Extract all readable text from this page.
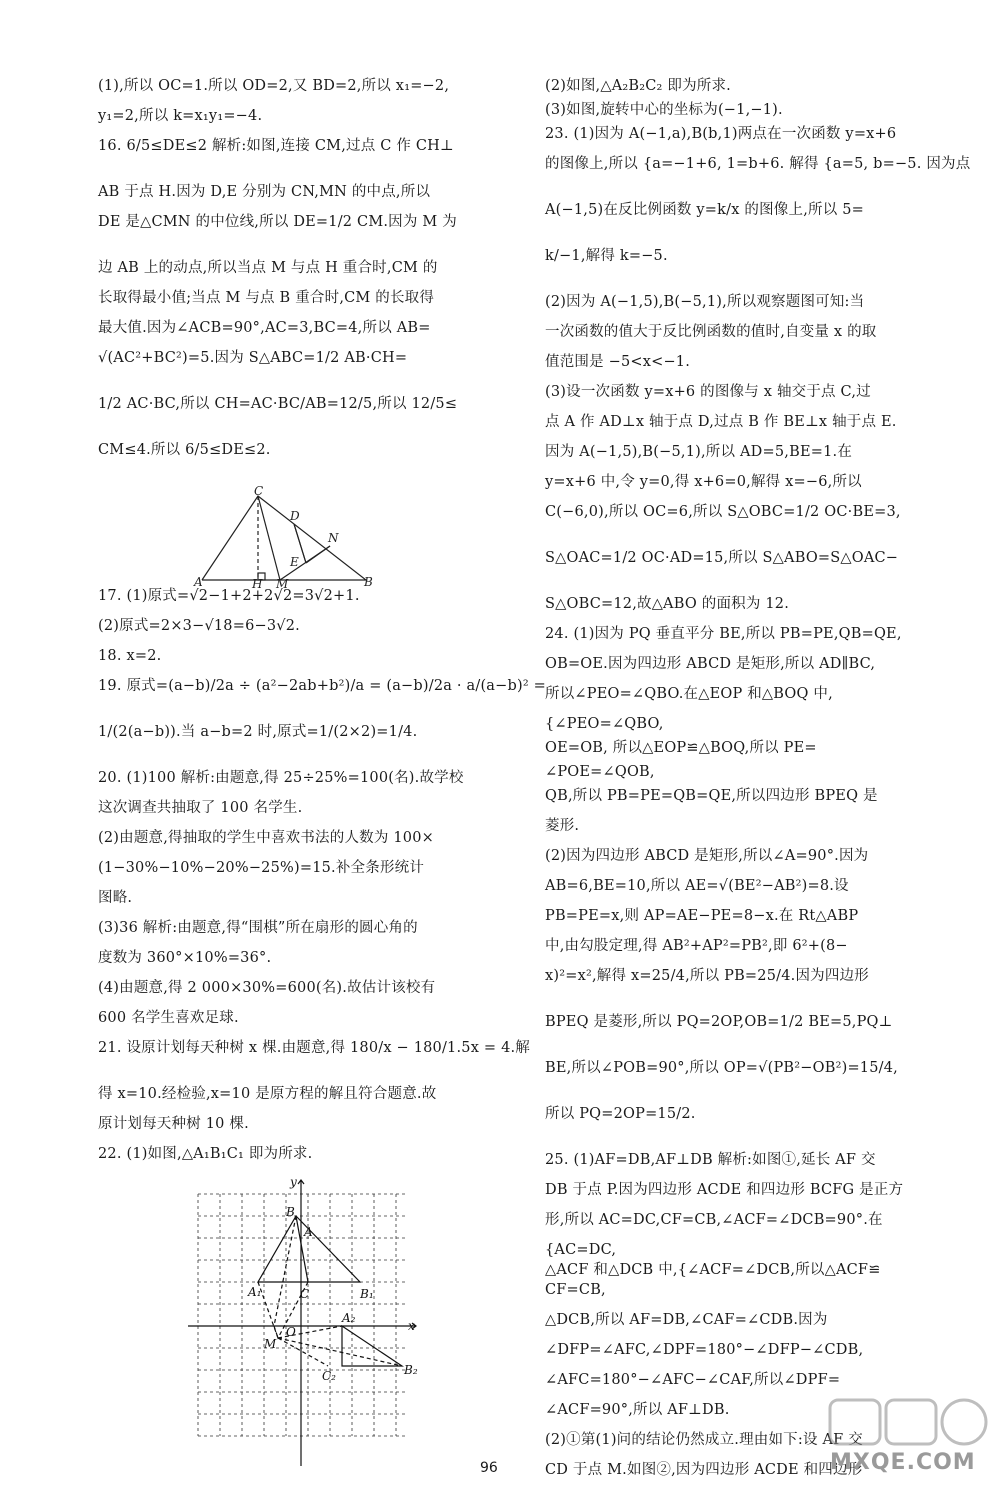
(1),所以 OC=1.所以 OD=2,又 BD=2,所以 x₁=−2,
y₁=2,所以 k=x₁y₁=−4.
16. 6/5≤DE≤2 解析:如图,连接 CM,过点 C 作 CH⊥
AB 于点 H.因为 D,E 分别为 CN,MN 的中点,所以
DE 是△CMN 的中位线,所以 DE=1/2 CM.因为 M 为
边 AB 上的动点,所以当点 M 与点 H 重合时,CM 的
长取得最小值;当点 M 与点 B 重合时,CM 的长取得
最大值.因为∠ACB=90°,AC=3,BC=4,所以 AB=
√(AC²+BC²)=5.因为 S△ABC=1/2 AB·CH=
1/2 AC·BC,所以 CH=AC·BC/AB=12/5,所以 12/5≤
CM≤4.所以 6/5≤DE≤2.
C
D
N
E
A	H M	B
17. (1)原式=√2−1+2+2√2=3√2+1.
(2)原式=2×3−√18=6−3√2.
18. x=2.
19. 原式=(a−b)/2a ÷ (a²−2ab+b²)/a = (a−b)/2a · a/(a−b)² =
1/(2(a−b)).当 a−b=2 时,原式=1/(2×2)=1/4.
20. (1)100 解析:由题意,得 25÷25%=100(名).故学校
这次调查共抽取了 100 名学生.
(2)由题意,得抽取的学生中喜欢书法的人数为 100×
(1−30%−10%−20%−25%)=15.补全条形统计
图略.
(3)36 解析:由题意,得“围棋”所在扇形的圆心角的
度数为 360°×10%=36°.
(4)由题意,得 2 000×30%=600(名).故估计该校有
600 名学生喜欢足球.
21. 设原计划每天种树 x 棵.由题意,得 180/x − 180/1.5x = 4.解
得 x=10.经检验,x=10 是原方程的解且符合题意.故
原计划每天种树 10 棵.
22. (1)如图,△A₁B₁C₁ 即为所求.
y
B
A
A₁	C	B₁
A₂
x
O
M
C₂	B₂
(2)如图,△A₂B₂C₂ 即为所求.
(3)如图,旋转中心的坐标为(−1,−1).
23. (1)因为 A(−1,a),B(b,1)两点在一次函数 y=x+6
的图像上,所以 {a=−1+6, 1=b+6. 解得 {a=5, b=−5. 因为点
A(−1,5)在反比例函数 y=k/x 的图像上,所以 5=
k/−1,解得 k=−5.
(2)因为 A(−1,5),B(−5,1),所以观察题图可知:当
一次函数的值大于反比例函数的值时,自变量 x 的取
值范围是 −5<x<−1.
(3)设一次函数 y=x+6 的图像与 x 轴交于点 C,过
点 A 作 AD⊥x 轴于点 D,过点 B 作 BE⊥x 轴于点 E.
因为 A(−1,5),B(−5,1),所以 AD=5,BE=1.在
y=x+6 中,令 y=0,得 x+6=0,解得 x=−6,所以
C(−6,0),所以 OC=6,所以 S△OBC=1/2 OC·BE=3,
S△OAC=1/2 OC·AD=15,所以 S△ABO=S△OAC−
S△OBC=12,故△ABO 的面积为 12.
24. (1)因为 PQ 垂直平分 BE,所以 PB=PE,QB=QE,
OB=OE.因为四边形 ABCD 是矩形,所以 AD∥BC,
所以∠PEO=∠QBO.在△EOP 和△BOQ 中,
{∠PEO=∠QBO,
OE=OB, 所以△EOP≌△BOQ,所以 PE=
∠POE=∠QOB,
QB,所以 PB=PE=QB=QE,所以四边形 BPEQ 是
菱形.
(2)因为四边形 ABCD 是矩形,所以∠A=90°.因为
AB=6,BE=10,所以 AE=√(BE²−AB²)=8.设
PB=PE=x,则 AP=AE−PE=8−x.在 Rt△ABP
中,由勾股定理,得 AB²+AP²=PB²,即 6²+(8−
x)²=x²,解得 x=25/4,所以 PB=25/4.因为四边形
BPEQ 是菱形,所以 PQ=2OP,OB=1/2 BE=5,PQ⊥
BE,所以∠POB=90°,所以 OP=√(PB²−OB²)=15/4,
所以 PQ=2OP=15/2.
25. (1)AF=DB,AF⊥DB 解析:如图①,延长 AF 交
DB 于点 P.因为四边形 ACDE 和四边形 BCFG 是正方
形,所以 AC=DC,CF=CB,∠ACF=∠DCB=90°.在
{AC=DC,
△ACF 和△DCB 中,{∠ACF=∠DCB,所以△ACF≌
CF=CB,
△DCB,所以 AF=DB,∠CAF=∠CDB.因为
∠DFP=∠AFC,∠DPF=180°−∠DFP−∠CDB,
∠AFC=180°−∠AFC−∠CAF,所以∠DPF=
∠ACF=90°,所以 AF⊥DB.
(2)①第(1)问的结论仍然成立.理由如下:设 AF 交
CD 于点 M.如图②,因为四边形 ACDE 和四边形
96	MXQE.COM
